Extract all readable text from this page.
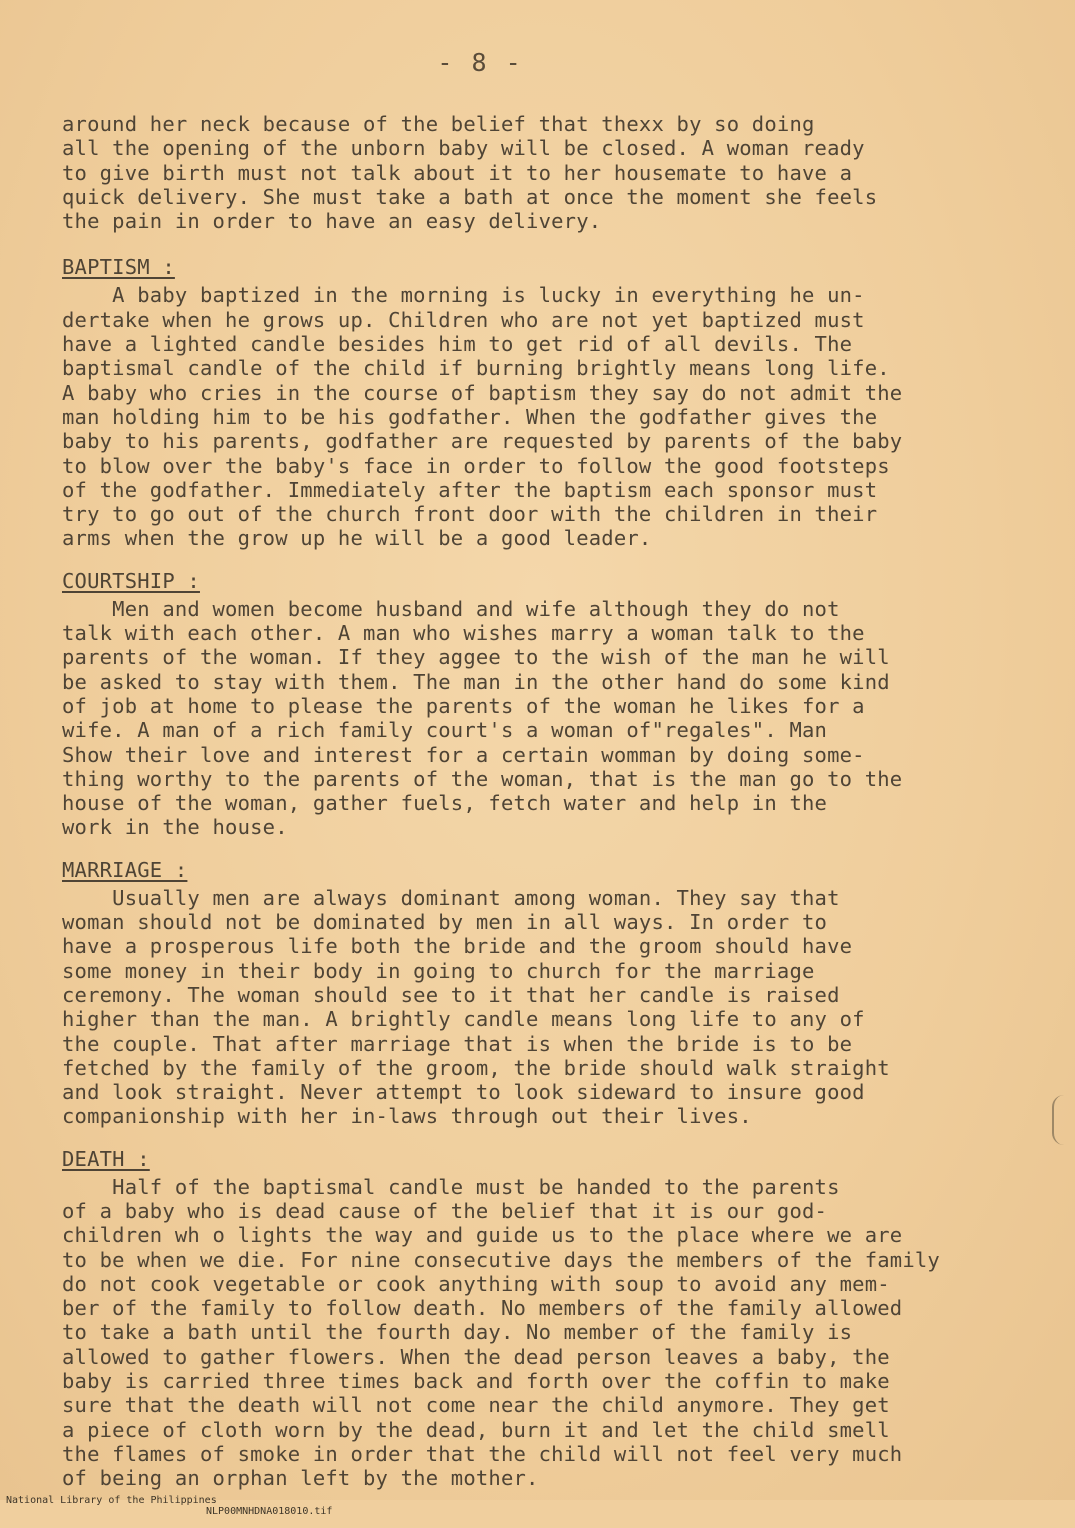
- 8 -
around her neck because of the belief that thexx by so doing
all the opening of the unborn baby will be closed. A woman ready
to give birth must not talk about it to her housemate to have a
quick delivery. She must take a bath at once the moment she feels
the pain in order to have an easy delivery.
BAPTISM :
A baby baptized in the morning is lucky in everything he un-
dertake when he grows up. Children who are not yet baptized must
have a lighted candle besides him to get rid of all devils. The
baptismal candle of the child if burning brightly means long life.
A baby who cries in the course of baptism they say do not admit the
man holding him to be his godfather. When the godfather gives the
baby to his parents, godfather are requested by parents of the baby
to blow over the baby's face in order to follow the good footsteps
of the godfather. Immediately after the baptism each sponsor must
try to go out of the church front door with the children in their
arms when the grow up he will be a good leader.
COURTSHIP :
Men and women become husband and wife although they do not
talk with each other. A man who wishes marry a woman talk to the
parents of the woman. If they aggee to the wish of the man he will
be asked to stay with them. The man in the other hand do some kind
of job at home to please the parents of the woman he likes for a
wife. A man of a rich family court's a woman of"regales". Man
Show their love and interest for a certain womman by doing some-
thing worthy to the parents of the woman, that is the man go to the
house of the woman, gather fuels, fetch water and help in the
work in the house.
MARRIAGE :
Usually men are always dominant among woman. They say that
woman should not be dominated by men in all ways. In order to
have a prosperous life both the bride and the groom should have
some money in their body in going to church for the marriage
ceremony. The woman should see to it that her candle is raised
higher than the man. A brightly candle means long life to any of
the couple. That after marriage that is when the bride is to be
fetched by the family of the groom, the bride should walk straight
and look straight. Never attempt to look sideward to insure good
companionship with her in-laws through out their lives.
DEATH :
Half of the baptismal candle must be handed to the parents
of a baby who is dead cause of the belief that it is our god-
children wh o lights the way and guide us to the place where we are
to be when we die. For nine consecutive days the members of the family
do not cook vegetable or cook anything with soup to avoid any mem-
ber of the family to follow death. No members of the family allowed
to take a bath until the fourth day. No member of the family is
allowed to gather flowers. When the dead person leaves a baby, the
baby is carried three times back and forth over the coffin to make
sure that the death will not come near the child anymore. They get
a piece of cloth worn by the dead, burn it and let the child smell
the flames of smoke in order that the child will not feel very much
of being an orphan left by the mother.

National Library of the Philippines

NLP00MNHDNA018010.tif
